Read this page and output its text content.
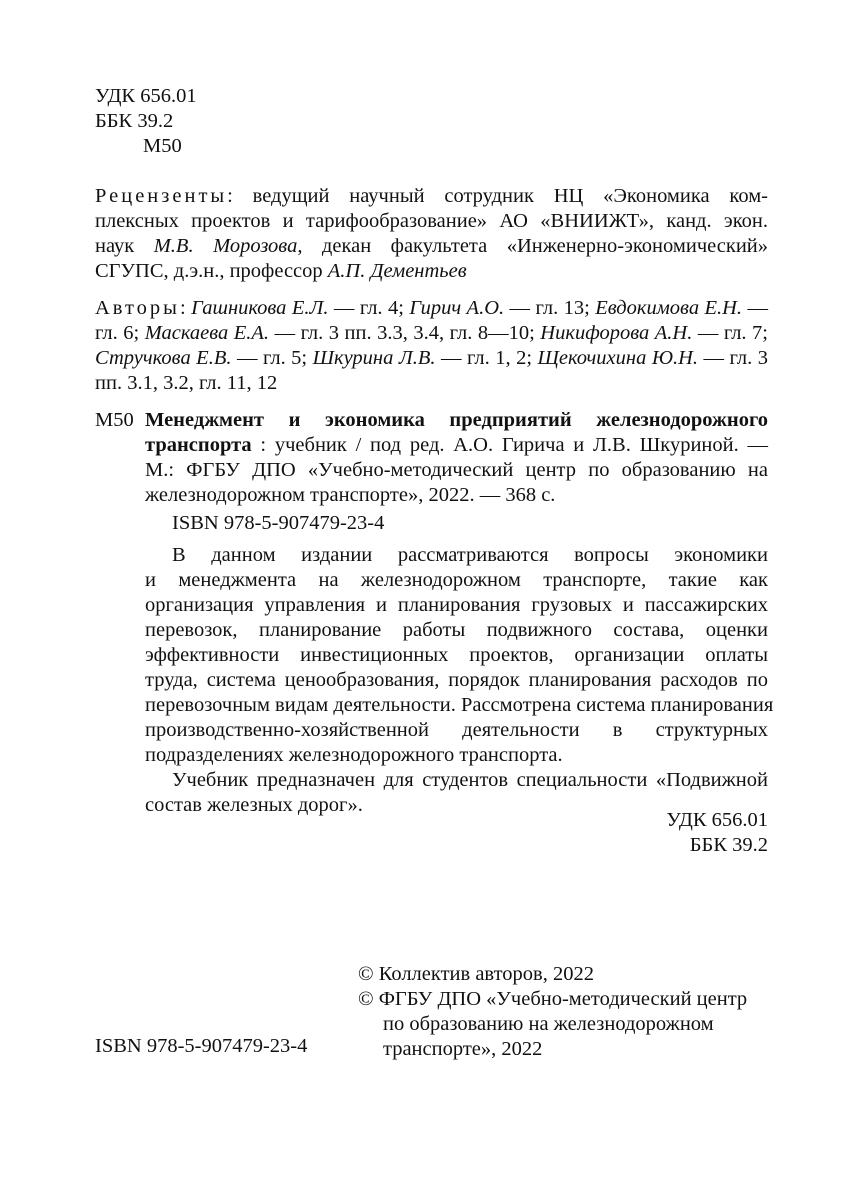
УДК 656.01
ББК 39.2
М50
Рецензенты: ведущий научный сотрудник НЦ «Экономика ком-
плексных проектов и тарифообразование» АО «ВНИИЖТ», канд. экон.
наук М.В. Морозова, декан факультета «Инженерно-экономический»
СГУПС, д.э.н., профессор А.П. Дементьев
Авторы: Гашникова Е.Л. — гл. 4; Гирич А.О. — гл. 13; Евдокимова Е.Н. —
гл. 6; Маскаева Е.А. — гл. 3 пп. 3.3, 3.4, гл. 8—10; Никифорова А.Н. — гл. 7;
Стручкова Е.В. — гл. 5; Шкурина Л.В. — гл. 1, 2; Щекочихина Ю.Н. — гл. 3
пп. 3.1, 3.2, гл. 11, 12
М50 Менеджмент и экономика предприятий железнодорожного
транспорта : учебник / под ред. А.О. Гирича и Л.В. Шкуриной. —
М.: ФГБУ ДПО «Учебно-методический центр по образованию на
железнодорожном транспорте», 2022. — 368 с.
ISBN 978-5-907479-23-4
В данном издании рассматриваются вопросы экономики
и менеджмента на железнодорожном транспорте, такие как
организация управления и планирования грузовых и пассажирских
перевозок, планирование работы подвижного состава, оценки
эффективности инвестиционных проектов, организации оплаты
труда, система ценообразования, порядок планирования расходов по
перевозочным видам деятельности. Рассмотрена система планирования
производственно-хозяйственной деятельности в структурных
подразделениях железнодорожного транспорта.
Учебник предназначен для студентов специальности «Подвижной
состав железных дорог».
УДК 656.01
ББК 39.2
ISBN 978-5-907479-23-4
© Коллектив авторов, 2022
© ФГБУ ДПО «Учебно-методический центр
по образованию на железнодорожном
транспорте», 2022
